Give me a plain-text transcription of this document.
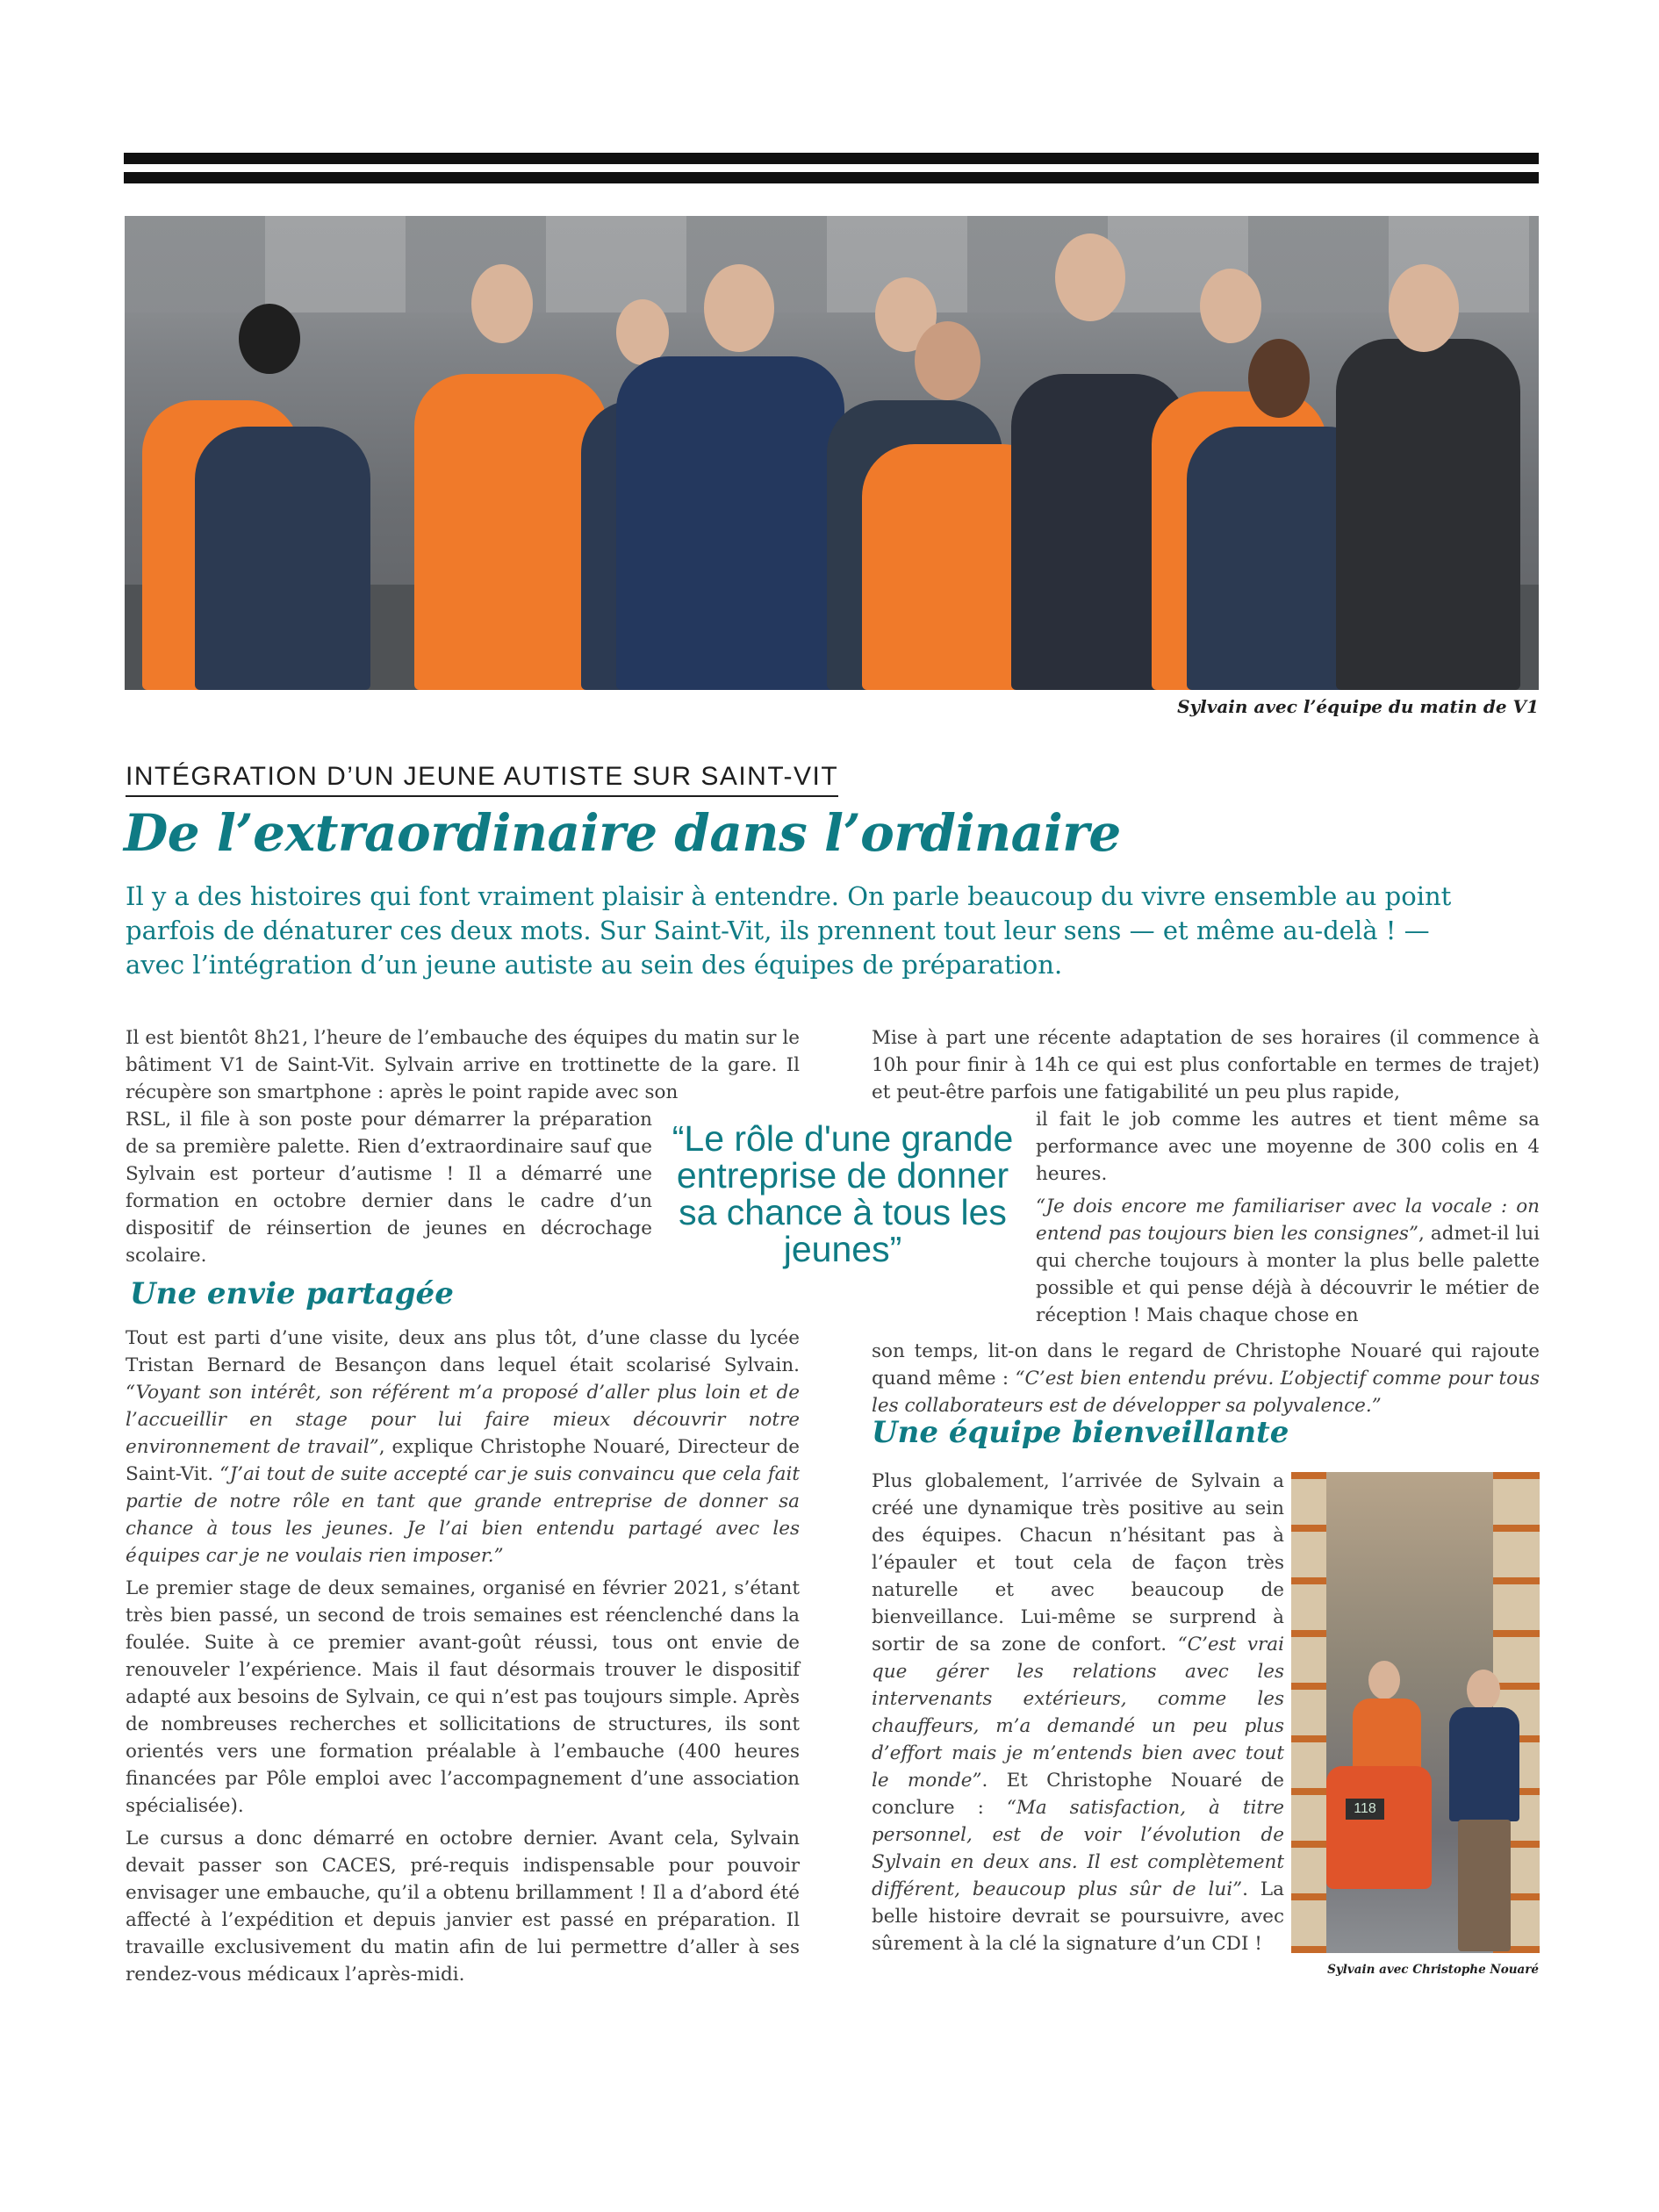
Sylvain avec l’équipe du matin de V1
INTÉGRATION D’UN JEUNE AUTISTE SUR SAINT-VIT
De l’extraordinaire dans l’ordinaire
Il y a des histoires qui font vraiment plaisir à entendre. On parle beaucoup du vivre ensemble au point parfois de dénaturer ces deux mots. Sur Saint-Vit, ils prennent tout leur sens — et même au-delà ! — avec l’intégration d’un jeune autiste au sein des équipes de préparation.
Il est bientôt 8h21, l’heure de l’embauche des équipes du matin sur le bâtiment V1 de Saint-Vit. Sylvain arrive en trottinette de la gare. Il récupère son smartphone : après le point rapide avec son
RSL, il file à son poste pour démarrer la préparation de sa première palette. Rien d’extraordinaire sauf que Sylvain est porteur d’autisme ! Il a démarré une formation en octobre dernier dans le cadre d’un dispositif de réinsertion de jeunes en décrochage scolaire.
Une envie partagée

Tout est parti d’une visite, deux ans plus tôt, d’une classe du lycée Tristan Bernard de Besançon dans lequel était scolarisé Sylvain. “Voyant son intérêt, son référent m’a proposé d’aller plus loin et de l’accueillir en stage pour lui faire mieux découvrir notre environnement de travail”, explique Christophe Nouaré, Directeur de Saint-Vit. “J’ai tout de suite accepté car je suis convaincu que cela fait partie de notre rôle en tant que grande entreprise de donner sa chance à tous les jeunes. Je l’ai bien entendu partagé avec les équipes car je ne voulais rien imposer.”

Le premier stage de deux semaines, organisé en février 2021, s’étant très bien passé, un second de trois semaines est réenclenché dans la foulée. Suite à ce premier avant-goût réussi, tous ont envie de renouveler l’expérience. Mais il faut désormais trouver le dispositif adapté aux besoins de Sylvain, ce qui n’est pas toujours simple. Après de nombreuses recherches et sollicitations de structures, ils sont orientés vers une formation préalable à l’embauche (400 heures financées par Pôle emploi avec l’accompagnement d’une association spécialisée).

Le cursus a donc démarré en octobre dernier. Avant cela, Sylvain devait passer son CACES, pré-requis indispensable pour pouvoir envisager une embauche, qu’il a obtenu brillamment ! Il a d’abord été affecté à l’expédition et depuis janvier est passé en préparation. Il travaille exclusivement du matin afin de lui permettre d’aller à ses rendez-vous médicaux l’après-midi.

“Le rôle d'une grande entreprise de donner sa chance à tous les jeunes”
Mise à part une récente adaptation de ses horaires (il commence à 10h pour finir à 14h ce qui est plus confortable en termes de trajet) et peut-être parfois une fatigabilité un peu plus rapide,

il fait le job comme les autres et tient même sa performance avec une moyenne de 300 colis en 4 heures.

“Je dois encore me familiariser avec la vocale : on entend pas toujours bien les consignes”, admet-il lui qui cherche toujours à monter la plus belle palette possible et qui pense déjà à découvrir le métier de réception ! Mais chaque chose en

son temps, lit-on dans le regard de Christophe Nouaré qui rajoute quand même : “C’est bien entendu prévu. L’objectif comme pour tous les collaborateurs est de développer sa polyvalence.”

Une équipe bienveillante

Plus globalement, l’arrivée de Sylvain a créé une dynamique très positive au sein des équipes. Chacun n’hésitant pas à l’épauler et tout cela de façon très naturelle et avec beaucoup de bienveillance. Lui-même se surprend à sortir de sa zone de confort. “C’est vrai que gérer les relations avec les intervenants extérieurs, comme les chauffeurs, m’a demandé un peu plus d’effort mais je m’entends bien avec tout le monde”. Et Christophe Nouaré de conclure : “Ma satisfaction, à titre personnel, est de voir l’évolution de Sylvain en deux ans. Il est complètement différent, beaucoup plus sûr de lui”. La belle histoire devrait se poursuivre, avec sûrement à la clé la signature d’un CDI !

118
Sylvain avec Christophe Nouaré
